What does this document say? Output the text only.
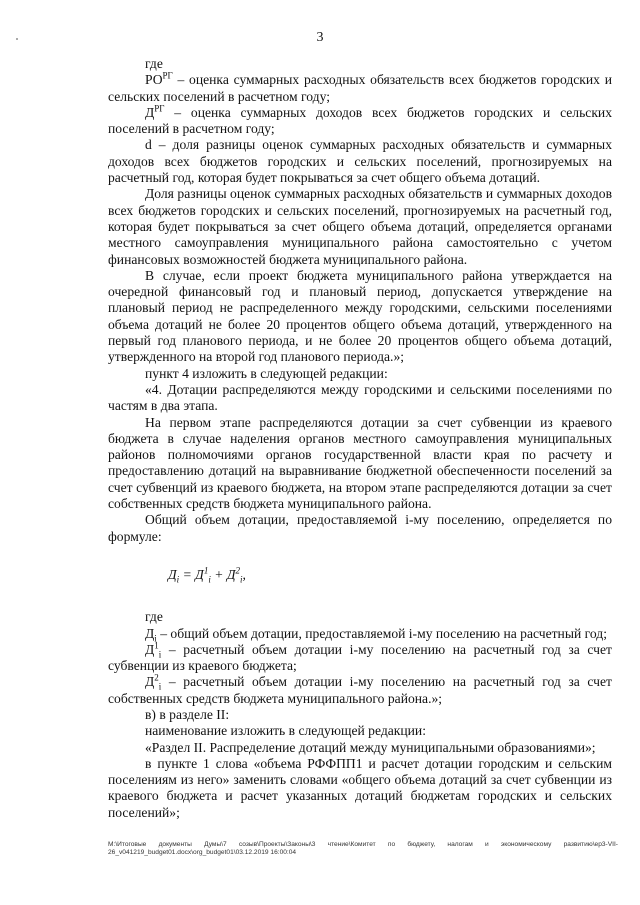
3

где

$РО^{РГ}$ – оценка суммарных расходных обязательств всех бюджетов городских и сельских поселений в расчетном году;

$Д^{РГ}$ – оценка суммарных доходов всех бюджетов городских и сельских поселений в расчетном году;

d – доля разницы оценок суммарных расходных обязательств и суммарных доходов всех бюджетов городских и сельских поселений, прогнозируемых на расчетный год, которая будет покрываться за счет общего объема дотаций.

Доля разницы оценок суммарных расходных обязательств и суммарных доходов всех бюджетов городских и сельских поселений, прогнозируемых на расчетный год, которая будет покрываться за счет общего объема дотаций, определяется органами местного самоуправления муниципального района самостоятельно с учетом финансовых возможностей бюджета муниципального района.

В случае, если проект бюджета муниципального района утверждается на очередной финансовый год и плановый период, допускается утверждение на плановый период не распределенного между городскими, сельскими поселениями объема дотаций не более 20 процентов общего объема дотаций, утвержденного на первый год планового периода, и не более 20 процентов общего объема дотаций, утвержденного на второй год планового периода.»;

пункт 4 изложить в следующей редакции:

«4. Дотации распределяются между городскими и сельскими поселениями по частям в два этапа.

На первом этапе распределяются дотации за счет субвенции из краевого бюджета в случае наделения органов местного самоуправления муниципальных районов полномочиями органов государственной власти края по расчету и предоставлению дотаций на выравнивание бюджетной обеспеченности поселений за счет субвенций из краевого бюджета, на втором этапе распределяются дотации за счет собственных средств бюджета муниципального района.

Общий объем дотации, предоставляемой i-му поселению, определяется по формуле:

$Д_i = Д^1_i + Д^2_i$,

где

$Д_i$ – общий объем дотации, предоставляемой i-му поселению на расчетный год;

$Д^1_i$ – расчетный объем дотации i-му поселению на расчетный год за счет субвенции из краевого бюджета;

$Д^2_i$ – расчетный объем дотации i-му поселению на расчетный год за счет собственных средств бюджета муниципального района.»;

в) в разделе II:

наименование изложить в следующей редакции:

«Раздел II. Распределение дотаций между муниципальными образованиями»;

в пункте 1 слова «объема РФФПП1 и расчет дотации городским и сельским поселениям из него» заменить словами «общего объема дотаций за счет субвенции из краевого бюджета и расчет указанных дотаций бюджетам городских и сельских поселений»;

M:\Итоговые документы Думы\7 созыв\Проекты\Законы\3 чтение\Комитет по бюджету, налогам и экономическому развитию\ep3-VII-26_v041219_budget01.docx\org_budget01\03.12.2019 16:00:04
